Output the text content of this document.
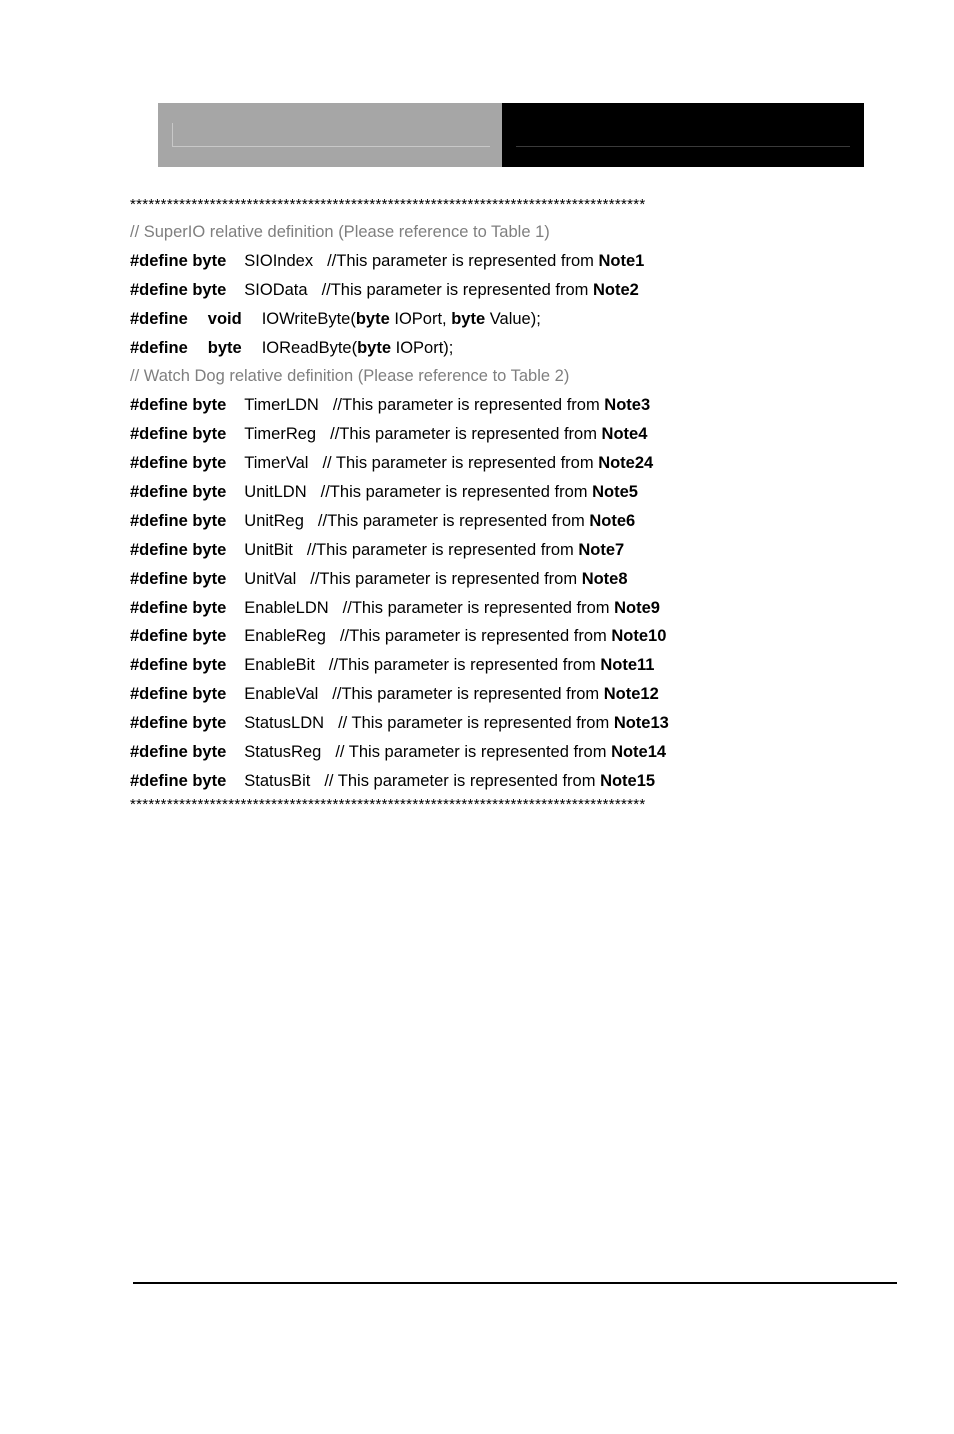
************************************************************************************
// SuperIO relative definition (Please reference to Table 1)
#define byte SIOIndex //This parameter is represented from Note1
#define byte SIOData //This parameter is represented from Note2
#define void IOWriteByte(byte IOPort, byte Value);
#define byte IOReadByte(byte IOPort);
// Watch Dog relative definition (Please reference to Table 2)
#define byte TimerLDN //This parameter is represented from Note3
#define byte TimerReg //This parameter is represented from Note4
#define byte TimerVal // This parameter is represented from Note24
#define byte UnitLDN //This parameter is represented from Note5
#define byte UnitReg //This parameter is represented from Note6
#define byte UnitBit //This parameter is represented from Note7
#define byte UnitVal //This parameter is represented from Note8
#define byte EnableLDN //This parameter is represented from Note9
#define byte EnableReg //This parameter is represented from Note10
#define byte EnableBit //This parameter is represented from Note11
#define byte EnableVal //This parameter is represented from Note12
#define byte StatusLDN // This parameter is represented from Note13
#define byte StatusReg // This parameter is represented from Note14
#define byte StatusBit // This parameter is represented from Note15
************************************************************************************
